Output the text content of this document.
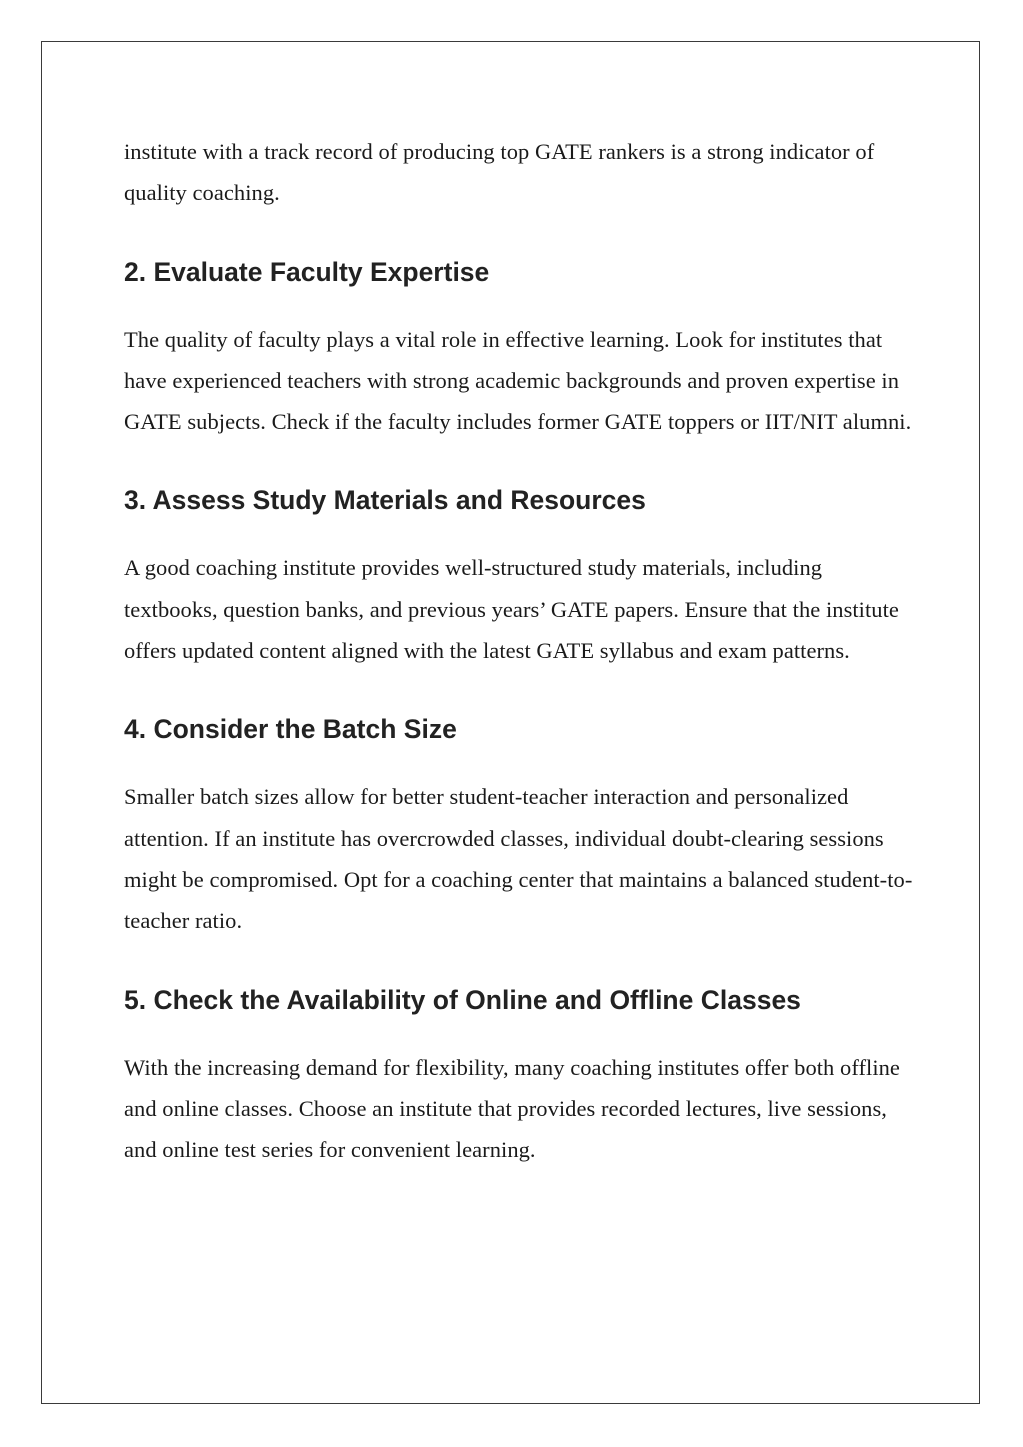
institute with a track record of producing top GATE rankers is a strong indicator of quality coaching.

2. Evaluate Faculty Expertise

The quality of faculty plays a vital role in effective learning. Look for institutes that have experienced teachers with strong academic backgrounds and proven expertise in GATE subjects. Check if the faculty includes former GATE toppers or IIT/NIT alumni.

3. Assess Study Materials and Resources

A good coaching institute provides well-structured study materials, including textbooks, question banks, and previous years’ GATE papers. Ensure that the institute offers updated content aligned with the latest GATE syllabus and exam patterns.

4. Consider the Batch Size

Smaller batch sizes allow for better student-teacher interaction and personalized attention. If an institute has overcrowded classes, individual doubt-clearing sessions might be compromised. Opt for a coaching center that maintains a balanced student-to-teacher ratio.

5. Check the Availability of Online and Offline Classes

With the increasing demand for flexibility, many coaching institutes offer both offline and online classes. Choose an institute that provides recorded lectures, live sessions, and online test series for convenient learning.
